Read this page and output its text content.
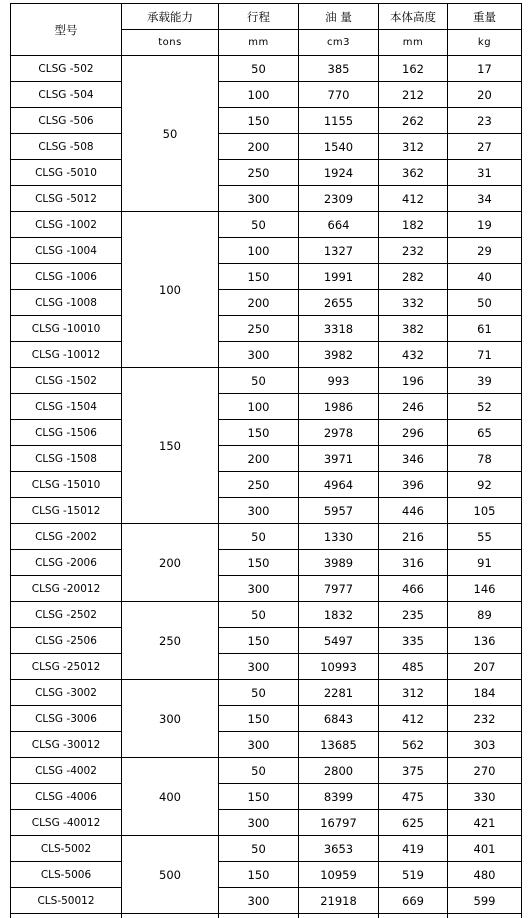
型号	承载能力	行程	油 量	本体高度	重量
	tons	mm	cm3	mm	kg
CLSG -502	50	50	385	162	17
CLSG -504		100	770	212	20
CLSG -506		150	1155	262	23
CLSG -508		200	1540	312	27
CLSG -5010		250	1924	362	31
CLSG -5012		300	2309	412	34
CLSG -1002	100	50	664	182	19
CLSG -1004		100	1327	232	29
CLSG -1006		150	1991	282	40
CLSG -1008		200	2655	332	50
CLSG -10010		250	3318	382	61
CLSG -10012		300	3982	432	71
CLSG -1502	150	50	993	196	39
CLSG -1504		100	1986	246	52
CLSG -1506		150	2978	296	65
CLSG -1508		200	3971	346	78
CLSG -15010		250	4964	396	92
CLSG -15012		300	5957	446	105
CLSG -2002	200	50	1330	216	55
CLSG -2006		150	3989	316	91
CLSG -20012		300	7977	466	146
CLSG -2502	250	50	1832	235	89
CLSG -2506		150	5497	335	136
CLSG -25012		300	10993	485	207
CLSG -3002	300	50	2281	312	184
CLSG -3006		150	6843	412	232
CLSG -30012		300	13685	562	303
CLSG -4002	400	50	2800	375	270
CLSG -4006		150	8399	475	330
CLSG -40012		300	16797	625	421
CLS-5002	500	50	3653	419	401
CLS-5006		150	10959	519	480
CLS-50012		300	21918	669	599
